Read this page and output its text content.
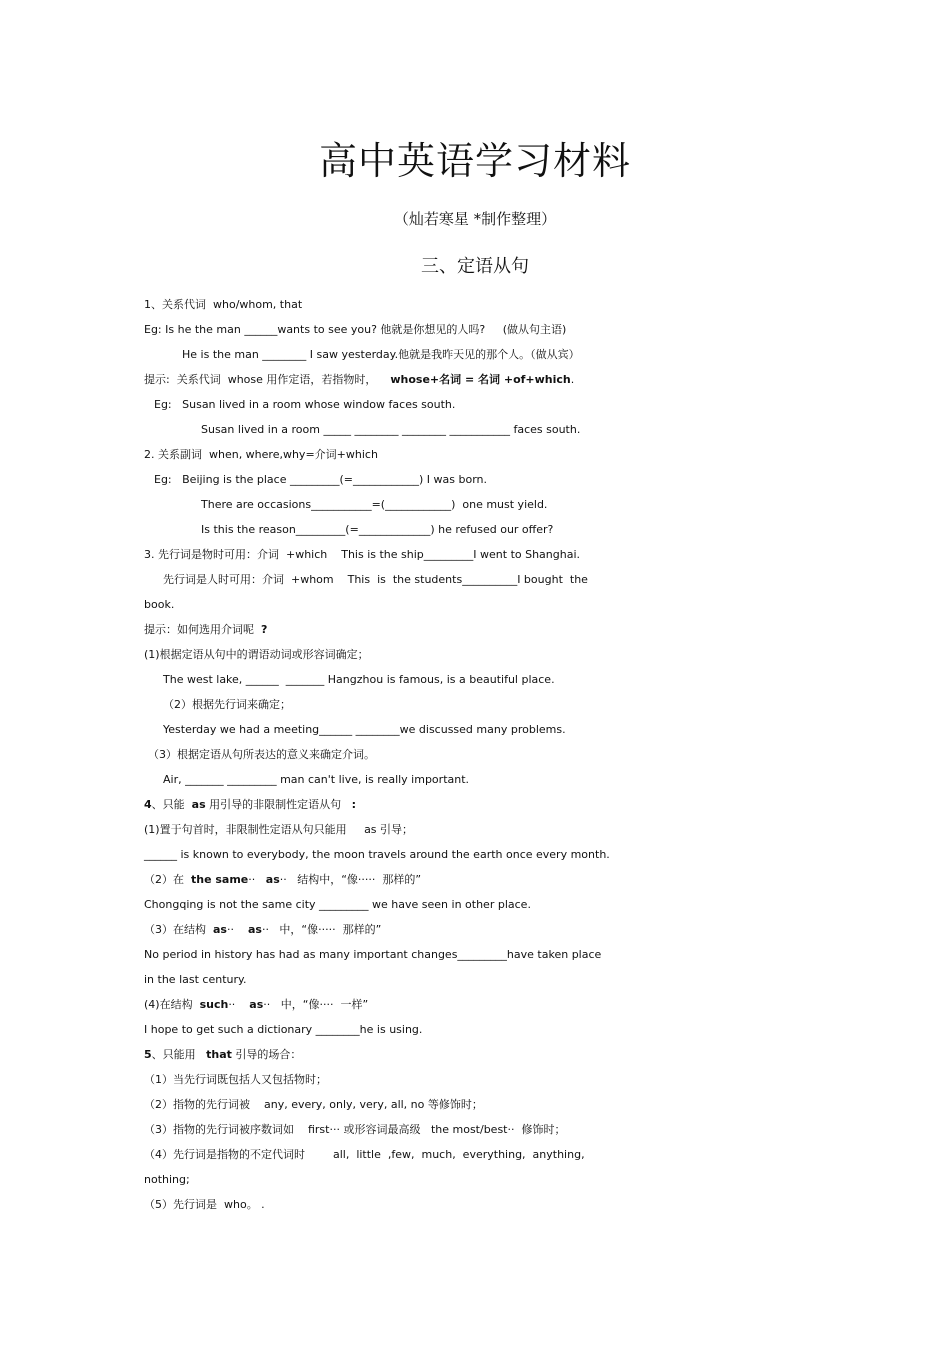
高中英语学习材料
（灿若寒星 *制作整理）
三、定语从句

1、关系代词  who/whom, that

Eg: Is he the man ______wants to see you? 他就是你想见的人吗?     (做从句主语)

He is the man ________ I saw yesterday.他就是我昨天见的那个人。（做从宾）

提示:  关系代词  whose 用作定语，若指物时，    whose+名词 = 名词 +of+which.

Eg:   Susan lived in a room whose window faces south.

Susan lived in a room _____ ________ ________ ___________ faces south.

2. 关系副词  when, where,why=介词+which

Eg:   Beijing is the place _________(=____________) I was born.

There are occasions___________=(____________)  one must yield.

Is this the reason_________(=_____________) he refused our offer?

3. 先行词是物时可用：介词  +which    This is the ship_________I went to Shanghai.

先行词是人时可用：介词  +whom    This  is  the students__________I bought  the

book.

提示：如何选用介词呢  ?

(1)根据定语从句中的谓语动词或形容词确定；

The west lake, ______  _______ Hangzhou is famous, is a beautiful place.

（2）根据先行词来确定；

Yesterday we had a meeting______ ________we discussed many problems.

（3）根据定语从句所表达的意义来确定介词。

Air, _______ _________ man can't live, is really important.

4、只能  as 用引导的非限制性定语从句   :

(1)置于句首时，非限制性定语从句只能用     as 引导；

______ is known to everybody, the moon travels around the earth once every month.

（2）在  the same··   as··   结构中，“像·····  那样的”

Chongqing is not the same city _________ we have seen in other place.

（3）在结构  as··    as··   中，“像·····  那样的”

No period in history has had as many important changes_________have taken place

in the last century.

(4)在结构  such··    as··   中，“像····  一样”

I hope to get such a dictionary ________he is using.

5、只能用   that 引导的场合：

（1）当先行词既包括人又包括物时；

（2）指物的先行词被    any, every, only, very, all, no 等修饰时；

（3）指物的先行词被序数词如    first··· 或形容词最高级   the most/best··  修饰时；

（4）先行词是指物的不定代词时        all,  little  ,few,  much,  everything,  anything,

nothing;

（5）先行词是  who。 .
